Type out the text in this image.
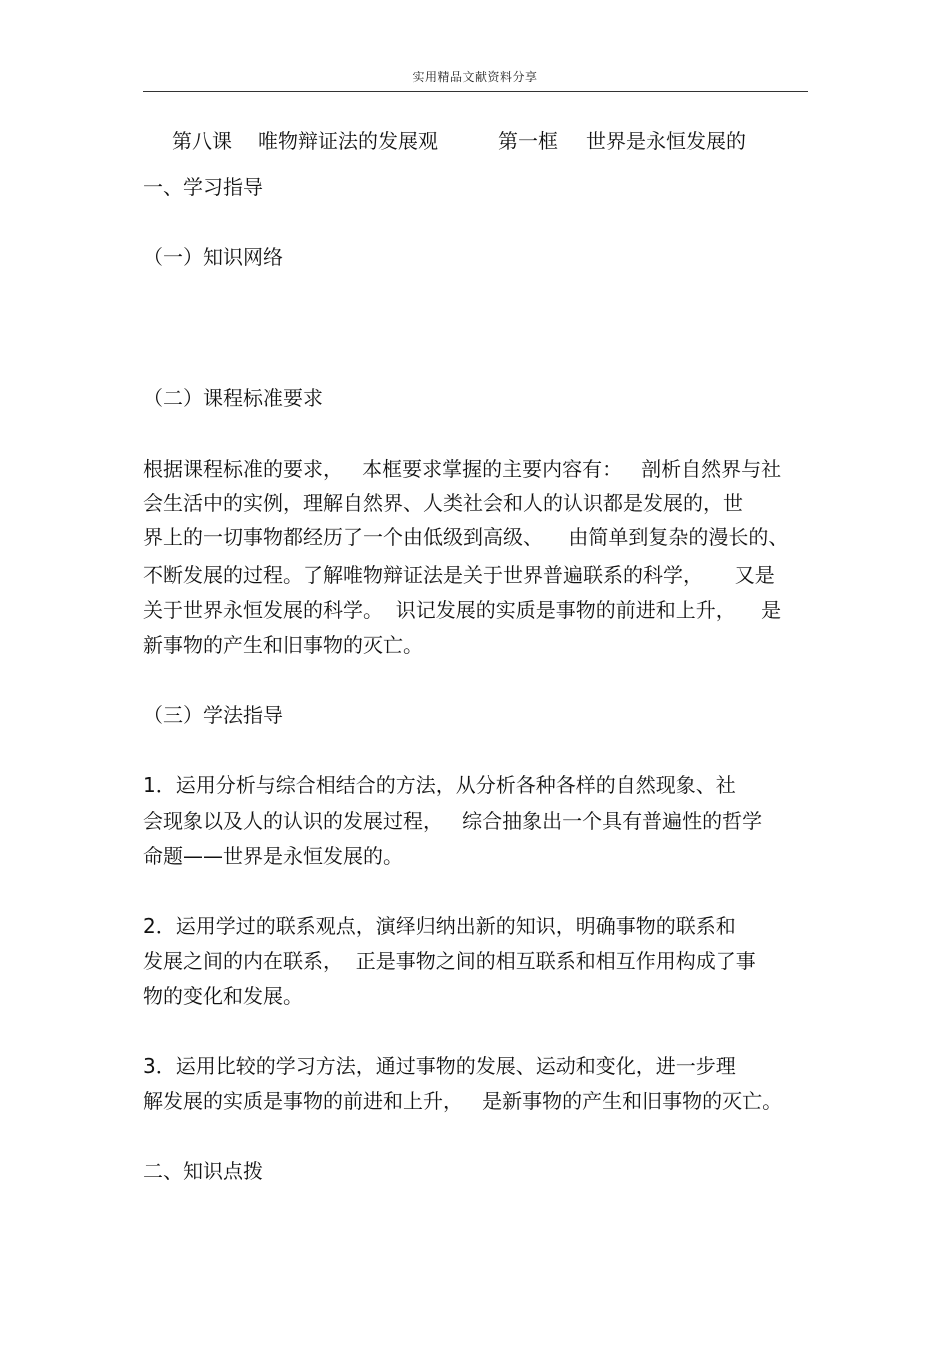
实用精品文献资料分享
第八课 唯物辩证法的发展观	第一框 世界是永恒发展的
一、学习指导
（一）知识网络
（二）课程标准要求
根据课程标准的要求，   本框要求掌握的主要内容有：   剖析自然界与社
会生活中的实例，理解自然界、人类社会和人的认识都是发展的，世
界上的一切事物都经历了一个由低级到高级、    由简单到复杂的漫长的、
不断发展的过程。了解唯物辩证法是关于世界普遍联系的科学，     又是
关于世界永恒发展的科学。  识记发展的实质是事物的前进和上升，    是
新事物的产生和旧事物的灭亡。
（三）学法指导
1．运用分析与综合相结合的方法，从分析各种各样的自然现象、社
会现象以及人的认识的发展过程，   综合抽象出一个具有普遍性的哲学
命题——世界是永恒发展的。
2．运用学过的联系观点，演绎归纳出新的知识，明确事物的联系和
发展之间的内在联系，  正是事物之间的相互联系和相互作用构成了事
物的变化和发展。
3．运用比较的学习方法，通过事物的发展、运动和变化，进一步理
解发展的实质是事物的前进和上升，   是新事物的产生和旧事物的灭亡。
二、知识点拨
